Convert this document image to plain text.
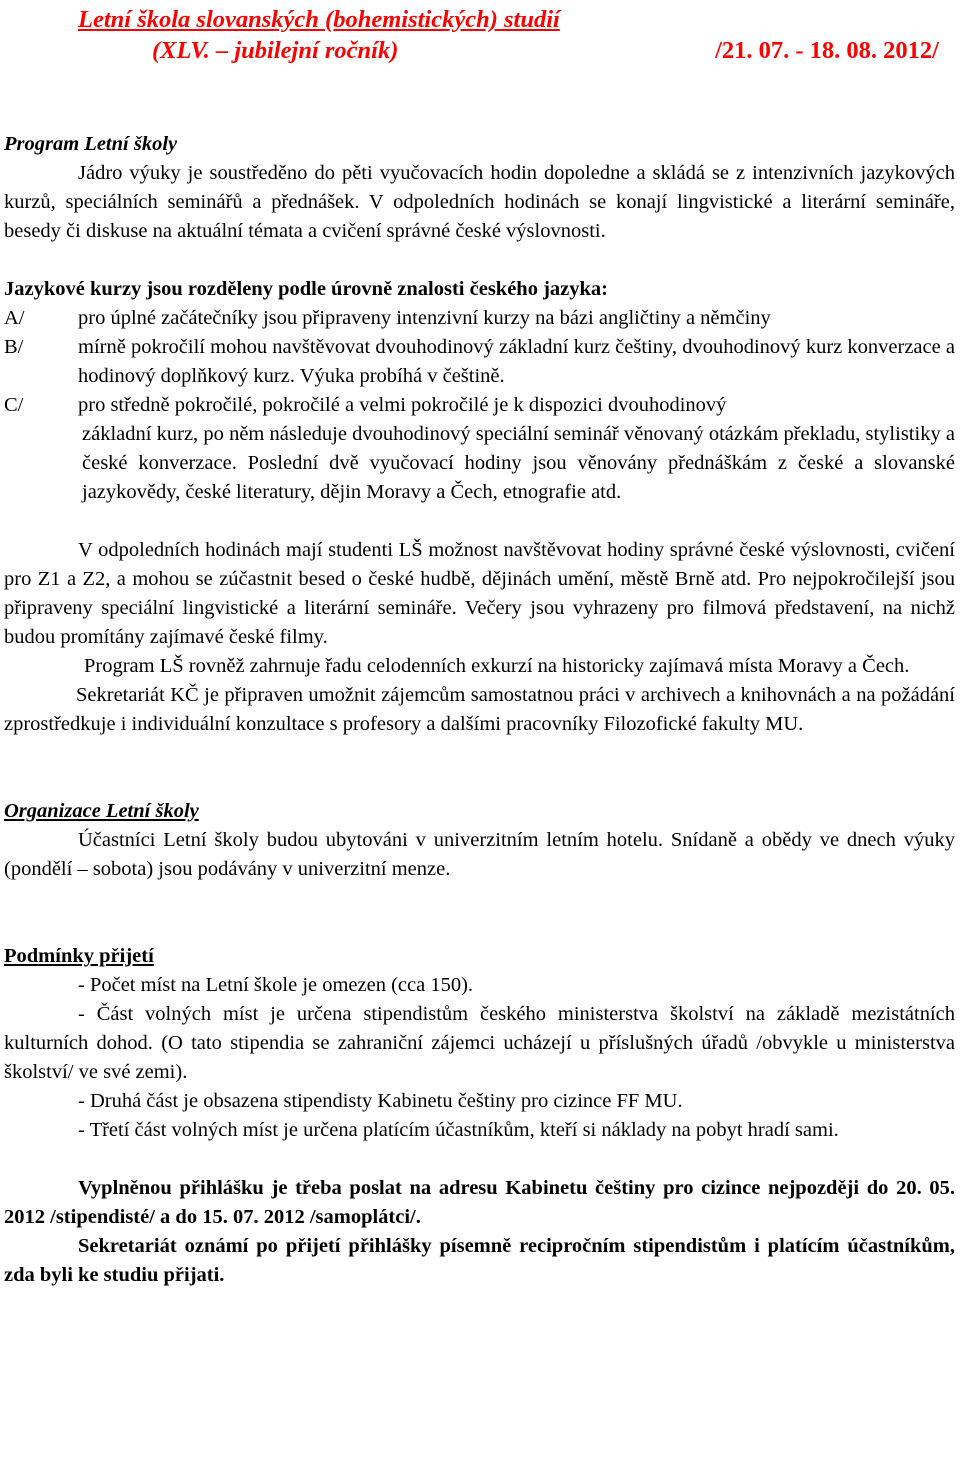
Letní škola slovanských (bohemistických) studií
(XLV. – jubilejní ročník)	/21. 07. - 18. 08. 2012/
Program Letní školy
Jádro výuky je soustředěno do pěti vyučovacích hodin dopoledne a skládá se z intenzivních jazykových kurzů, speciálních seminářů a přednášek. V odpoledních hodinách se konají lingvistické a literární semináře, besedy či diskuse na aktuální témata a cvičení správné české výslovnosti.
Jazykové kurzy jsou rozděleny podle úrovně znalosti českého jazyka:
A/	pro úplné začátečníky jsou připraveny intenzivní kurzy na bázi angličtiny a němčiny
B/	mírně pokročilí mohou navštěvovat dvouhodinový základní kurz češtiny, dvouhodinový kurz konverzace a hodinový doplňkový kurz. Výuka probíhá v češtině.
C/	pro středně pokročilé, pokročilé a velmi pokročilé je k dispozici dvouhodinový
základní kurz, po něm následuje dvouhodinový speciální seminář věnovaný otázkám překladu, stylistiky a české konverzace. Poslední dvě vyučovací hodiny jsou věnovány přednáškám z české a slovanské jazykovědy, české literatury, dějin Moravy a Čech, etnografie atd.
V odpoledních hodinách mají studenti LŠ možnost navštěvovat hodiny správné české výslovnosti, cvičení pro Z1 a Z2, a mohou se zúčastnit besed o české hudbě, dějinách umění, městě Brně atd. Pro nejpokročilejší jsou připraveny speciální lingvistické a literární semináře. Večery jsou vyhrazeny pro filmová představení, na nichž budou promítány zajímavé české filmy.
Program LŠ rovněž zahrnuje řadu celodenních exkurzí na historicky zajímavá místa Moravy a Čech.
Sekretariát KČ je připraven umožnit zájemcům samostatnou práci v archivech a knihovnách a na požádání zprostředkuje i individuální konzultace s profesory a dalšími pracovníky Filozofické fakulty MU.
Organizace Letní školy
Účastníci Letní školy budou ubytováni v univerzitním letním hotelu. Snídaně a obědy ve dnech výuky (pondělí – sobota) jsou podávány v univerzitní menze.
Podmínky přijetí
- Počet míst na Letní škole je omezen (cca 150).
- Část volných míst je určena stipendistům českého ministerstva školství na základě mezistátních kulturních dohod. (O tato stipendia se zahraniční zájemci ucházejí u příslušných úřadů /obvykle u ministerstva školství/ ve své zemi).
- Druhá část je obsazena stipendisty Kabinetu češtiny pro cizince FF MU.
- Třetí část volných míst je určena platícím účastníkům, kteří si náklady na pobyt hradí sami.
Vyplněnou přihlášku je třeba poslat na adresu Kabinetu češtiny pro cizince nejpozději do 20. 05. 2012 /stipendisté/ a do 15. 07. 2012 /samoplátci/.
Sekretariát oznámí po přijetí přihlášky písemně recipročním stipendistům i platícím účastníkům, zda byli ke studiu přijati.
